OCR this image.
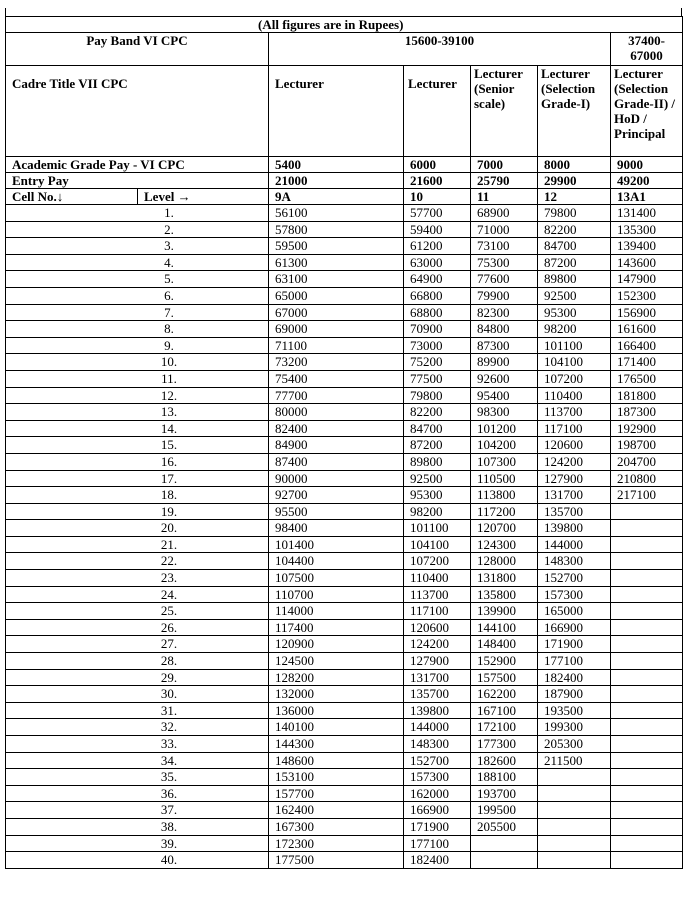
(All figures are in Rupees)						
Pay Band VI CPC		15600-39100				37400-67000
Cadre Title VII CPC		Lecturer	Lecturer	Lecturer (Senior scale)	Lecturer (Selection Grade-I)	Lecturer (Selection Grade-II) / HoD / Principal
Academic Grade Pay - VI CPC		5400	6000	7000	8000	9000
Entry Pay		21000	21600	25790	29900	49200
Cell No.↓	Level →	9A	10	11	12	13A1
1.		56100	57700	68900	79800	131400
2.		57800	59400	71000	82200	135300
3.		59500	61200	73100	84700	139400
4.		61300	63000	75300	87200	143600
5.		63100	64900	77600	89800	147900
6.		65000	66800	79900	92500	152300
7.		67000	68800	82300	95300	156900
8.		69000	70900	84800	98200	161600
9.		71100	73000	87300	101100	166400
10.		73200	75200	89900	104100	171400
11.		75400	77500	92600	107200	176500
12.		77700	79800	95400	110400	181800
13.		80000	82200	98300	113700	187300
14.		82400	84700	101200	117100	192900
15.		84900	87200	104200	120600	198700
16.		87400	89800	107300	124200	204700
17.		90000	92500	110500	127900	210800
18.		92700	95300	113800	131700	217100
19.		95500	98200	117200	135700	
20.		98400	101100	120700	139800	
21.		101400	104100	124300	144000	
22.		104400	107200	128000	148300	
23.		107500	110400	131800	152700	
24.		110700	113700	135800	157300	
25.		114000	117100	139900	165000	
26.		117400	120600	144100	166900	
27.		120900	124200	148400	171900	
28.		124500	127900	152900	177100	
29.		128200	131700	157500	182400	
30.		132000	135700	162200	187900	
31.		136000	139800	167100	193500	
32.		140100	144000	172100	199300	
33.		144300	148300	177300	205300	
34.		148600	152700	182600	211500	
35.		153100	157300	188100		
36.		157700	162000	193700		
37.		162400	166900	199500		
38.		167300	171900	205500		
39.		172300	177100			
40.		177500	182400			
